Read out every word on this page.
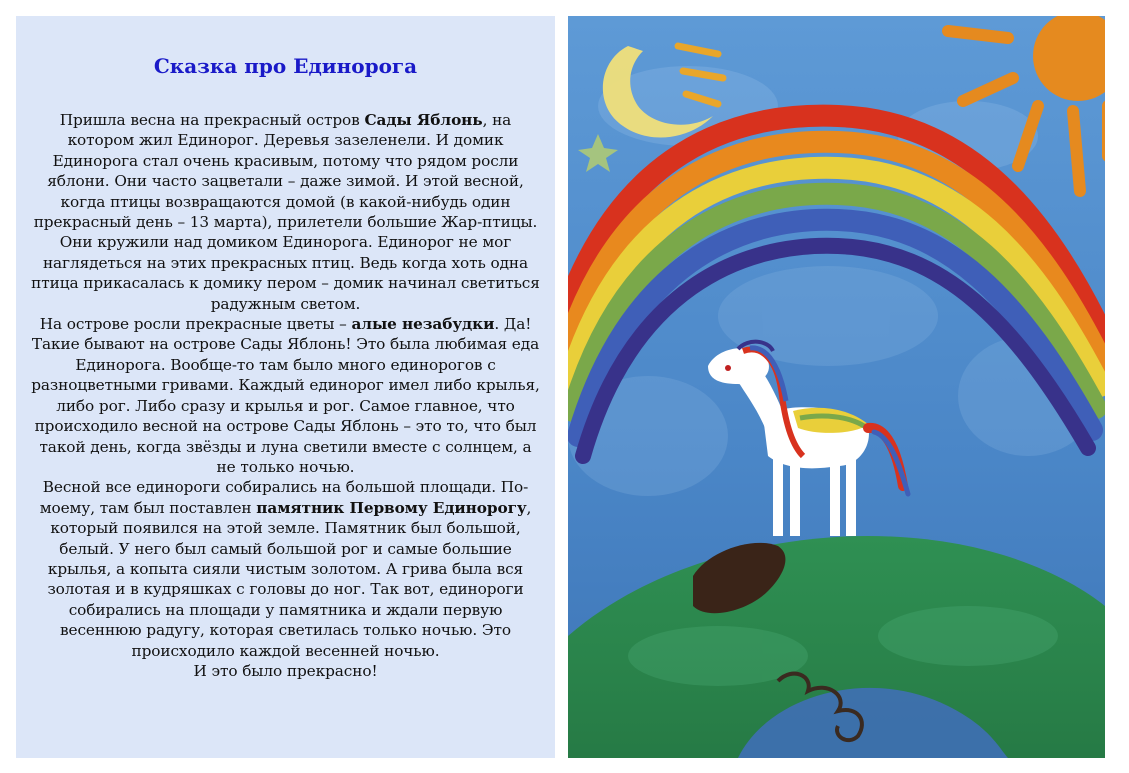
Сказка про Единорога

Пришла весна на прекрасный остров Сады Яблонь, на котором жил Единорог. Деревья зазеленели. И домик Единорога стал очень красивым, потому что рядом росли яблони. Они часто зацветали – даже зимой. И этой весной, когда птицы возвращаются домой (в какой-нибудь один прекрасный день – 13 марта), прилетели большие Жар-птицы. Они кружили над домиком Единорога. Единорог не мог наглядеться на этих прекрасных птиц. Ведь когда хоть одна птица прикасалась к домику пером – домик начинал светиться радужным светом.

На острове росли прекрасные цветы – алые незабудки. Да! Такие бывают на острове Сады Яблонь! Это была любимая еда Единорога. Вообще-то там было много единорогов с разноцветными гривами. Каждый единорог имел либо крылья, либо рог. Либо сразу и крылья и рог. Самое главное, что происходило весной на острове Сады Яблонь – это то, что был такой день, когда звёзды и луна светили вместе с солнцем, а не только ночью.

Весной все единороги собирались на большой площади. По-моему, там был поставлен памятник Первому Единорогу, который появился на этой земле. Памятник был большой, белый. У него был самый большой рог и самые большие крылья, а копыта сияли чистым золотом. А грива была вся золотая и в кудряшках с головы до ног. Так вот, единороги собирались на площади у памятника и ждали первую весеннюю радугу, которая светилась только ночью. Это происходило каждой весенней ночью.

И это было прекрасно!
